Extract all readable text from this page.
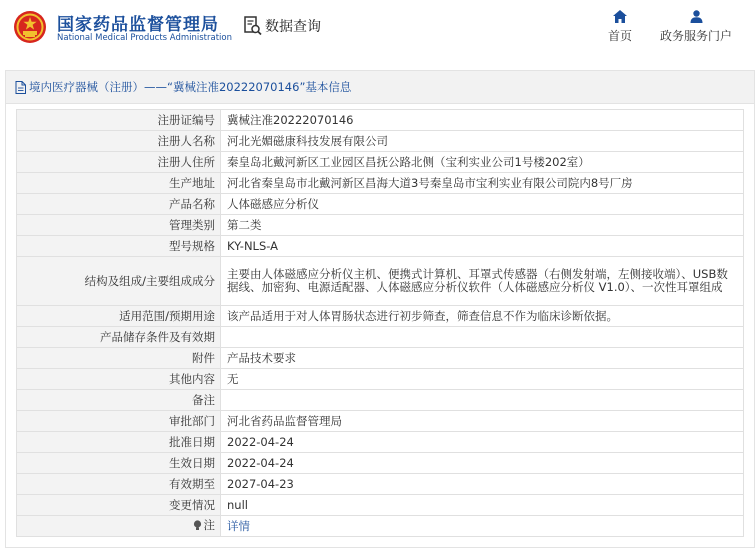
国家药品监督管理局
National Medical Products Administration
数据查询
首页	政务服务门户
境内医疗器械（注册）——“冀械注准20222070146”基本信息
注册证编号	冀械注准20222070146
注册人名称	河北光媚磁康科技发展有限公司
注册人住所	秦皇岛北戴河新区工业园区昌抚公路北侧（宝利实业公司1号楼202室）
生产地址	河北省秦皇岛市北戴河新区昌海大道3号秦皇岛市宝利实业有限公司院内8号厂房
产品名称	人体磁感应分析仪
管理类别	第二类
型号规格	KY-NLS-A
结构及组成/主要组成成分	主要由人体磁感应分析仪主机、便携式计算机、耳罩式传感器（右侧发射端，左侧接收端）、USB数据线、加密狗、电源适配器、人体磁感应分析仪软件（人体磁感应分析仪 V1.0）、一次性耳罩组成
适用范围/预期用途	该产品适用于对人体胃肠状态进行初步筛查，筛查信息不作为临床诊断依据。
产品储存条件及有效期	
附件	产品技术要求
其他内容	无
备注	
审批部门	河北省药品监督管理局
批准日期	2022-04-24
生效日期	2022-04-24
有效期至	2027-04-23
变更情况	null

注	详情
